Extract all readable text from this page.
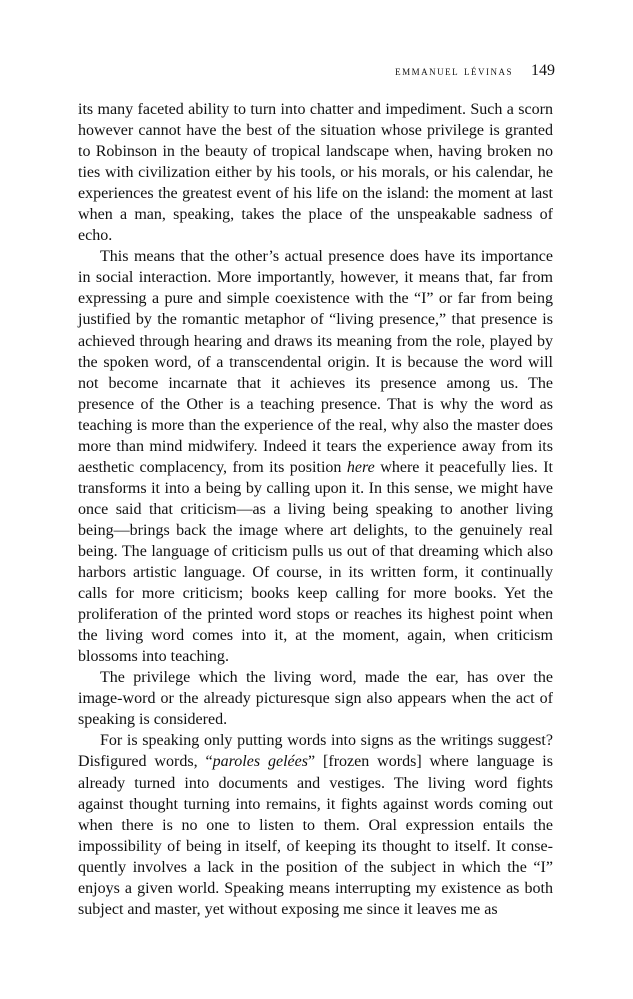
emmanuel lévinas 149

its many faceted ability to turn into chatter and impediment. Such a scorn however cannot have the best of the situation whose privilege is granted to Robinson in the beauty of tropical landscape when, having broken no ties with civilization either by his tools, or his morals, or his calendar, he experiences the greatest event of his life on the island: the moment at last when a man, speaking, takes the place of the unspeakable sadness of echo.

This means that the other’s actual presence does have its importance in social interaction. More importantly, however, it means that, far from expressing a pure and simple coexistence with the “I” or far from being justified by the romantic metaphor of “living presence,” that presence is achieved through hearing and draws its meaning from the role, played by the spoken word, of a transcendental origin. It is because the word will not become incarnate that it achieves its presence among us. The presence of the Other is a teaching presence. That is why the word as teaching is more than the experience of the real, why also the master does more than mind midwifery. Indeed it tears the experience away from its aesthetic complacency, from its position here where it peacefully lies. It transforms it into a being by calling upon it. In this sense, we might have once said that criticism—as a living being speaking to another living being—brings back the image where art delights, to the genuinely real being. The language of criticism pulls us out of that dreaming which also harbors artistic language. Of course, in its written form, it continually calls for more criticism; books keep calling for more books. Yet the proliferation of the printed word stops or reaches its highest point when the living word comes into it, at the moment, again, when criticism blossoms into teaching.

The privilege which the living word, made the ear, has over the image-word or the already picturesque sign also appears when the act of speaking is considered.

For is speaking only putting words into signs as the writings suggest? Disfigured words, “paroles gelées” [frozen words] where language is already turned into documents and vestiges. The living word fights against thought turning into remains, it fights against words coming out when there is no one to listen to them. Oral expression entails the impossibility of being in itself, of keeping its thought to itself. It consequently involves a lack in the position of the subject in which the “I” enjoys a given world. Speaking means interrupting my existence as both subject and master, yet without exposing me since it leaves me as
